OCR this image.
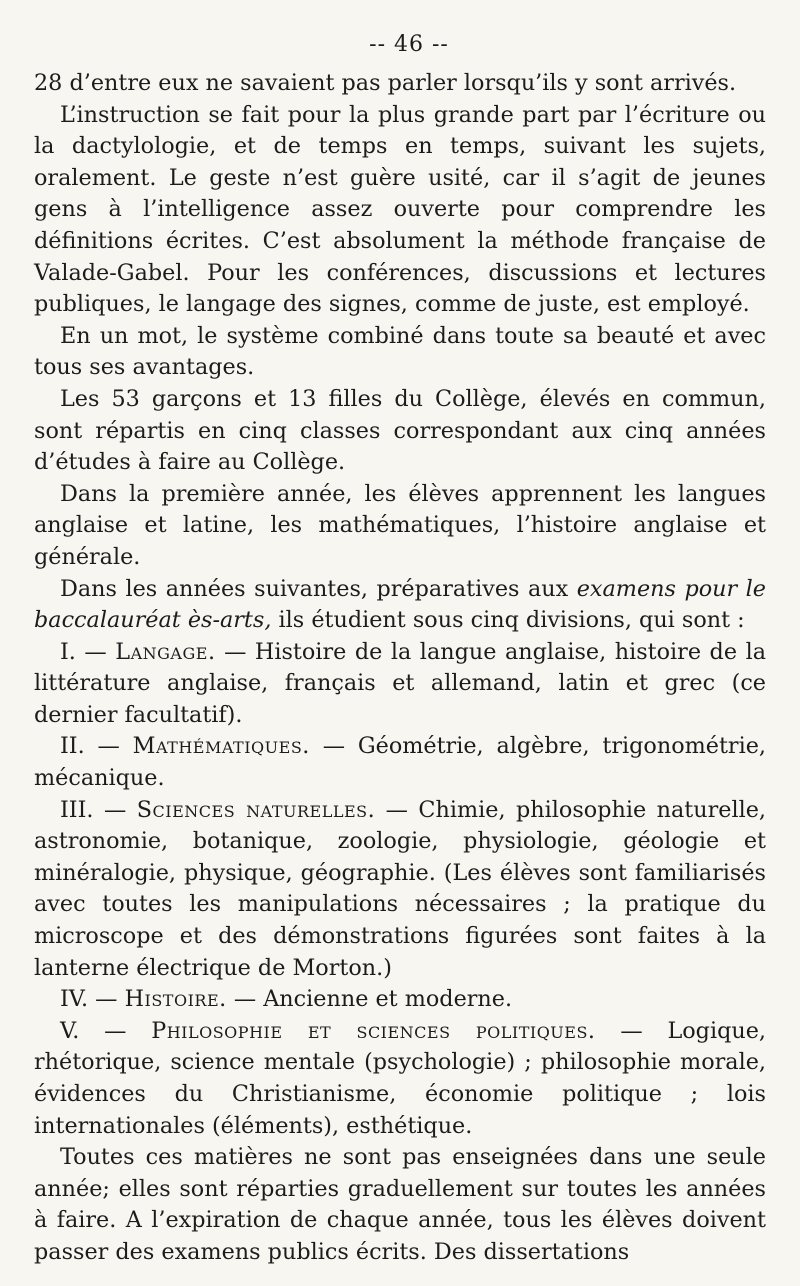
-- 46 --

28 d’entre eux ne savaient pas parler lorsqu’ils y sont arrivés.

L’instruction se fait pour la plus grande part par l’écriture ou la dactylologie, et de temps en temps, suivant les sujets, oralement. Le geste n’est guère usité, car il s’agit de jeunes gens à l’intelligence assez ouverte pour comprendre les définitions écrites. C’est absolument la méthode française de Valade-Gabel. Pour les conférences, discussions et lectures publiques, le langage des signes, comme de juste, est employé.

En un mot, le système combiné dans toute sa beauté et avec tous ses avantages.

Les 53 garçons et 13 filles du Collège, élevés en commun, sont répartis en cinq classes correspondant aux cinq années d’études à faire au Collège.

Dans la première année, les élèves apprennent les langues anglaise et latine, les mathématiques, l’histoire anglaise et générale.

Dans les années suivantes, préparatives aux examens pour le baccalauréat ès-arts, ils étudient sous cinq divisions, qui sont :

I. — Langage. — Histoire de la langue anglaise, histoire de la littérature anglaise, français et allemand, latin et grec (ce dernier facultatif).

II. — Mathématiques. — Géométrie, algèbre, trigonométrie, mécanique.

III. — Sciences naturelles. — Chimie, philosophie naturelle, astronomie, botanique, zoologie, physiologie, géologie et minéralogie, physique, géographie. (Les élèves sont familiarisés avec toutes les manipulations nécessaires ; la pratique du microscope et des démonstrations figurées sont faites à la lanterne électrique de Morton.)

IV. — Histoire. — Ancienne et moderne.

V. — Philosophie et sciences politiques. — Logique, rhétorique, science mentale (psychologie) ; philosophie morale, évidences du Christianisme, économie politique ; lois internationales (éléments), esthétique.

Toutes ces matières ne sont pas enseignées dans une seule année; elles sont réparties graduellement sur toutes les années à faire. A l’expiration de chaque année, tous les élèves doivent passer des examens publics écrits. Des dissertations
